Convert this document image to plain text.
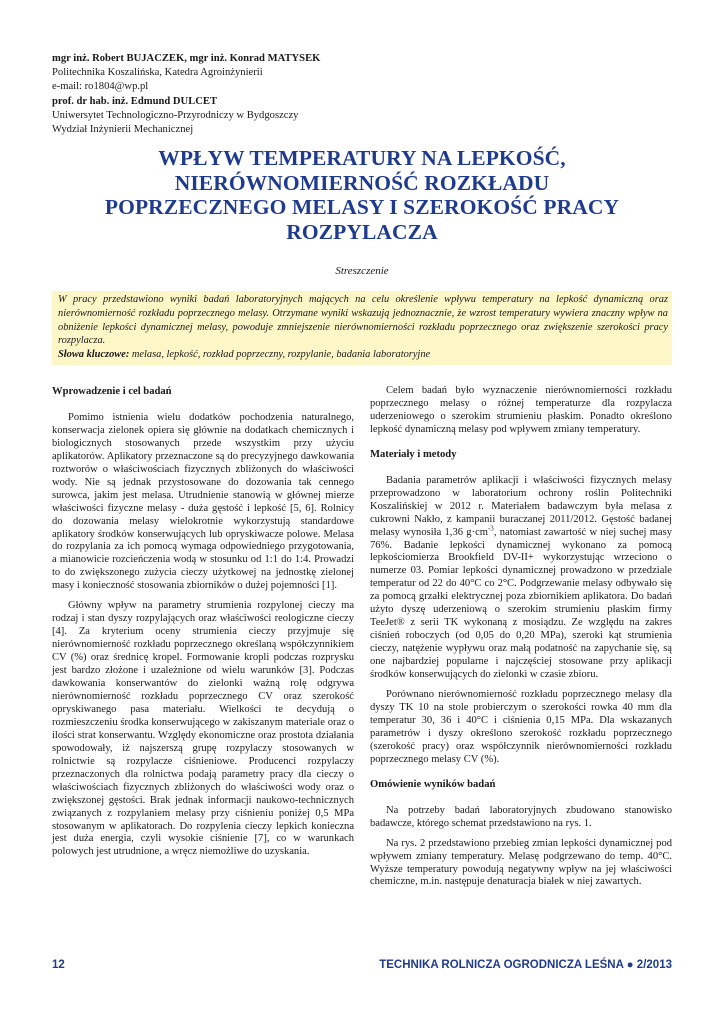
mgr inż. Robert BUJACZEK, mgr inż. Konrad MATYSEK
Politechnika Koszalińska, Katedra Agroinżynierii
e-mail: ro1804@wp.pl
prof. dr hab. inż. Edmund DULCET
Uniwersytet Technologiczno-Przyrodniczy w Bydgoszczy
Wydział Inżynierii Mechanicznej
WPŁYW TEMPERATURY NA LEPKOŚĆ,
NIERÓWNOMIERNOŚĆ ROZKŁADU
POPRZECZNEGO MELASY I SZEROKOŚĆ PRACY
ROZPYLACZA
Streszczenie
W pracy przedstawiono wyniki badań laboratoryjnych mających na celu określenie wpływu temperatury na lepkość dynamiczną oraz nierównomierność rozkładu poprzecznego melasy. Otrzymane wyniki wskazują jednoznacznie, że wzrost temperatury wywiera znaczny wpływ na obniżenie lepkości dynamicznej melasy, powoduje zmniejszenie nierównomierności rozkładu poprzecznego oraz zwiększenie szerokości pracy rozpylacza.
Słowa kluczowe: melasa, lepkość, rozkład poprzeczny, rozpylanie, badania laboratoryjne
Wprowadzenie i cel badań

Pomimo istnienia wielu dodatków pochodzenia naturalnego, konserwacja zielonek opiera się głównie na dodatkach chemicznych i biologicznych stosowanych przede wszystkim przy użyciu aplikatorów. Aplikatory przeznaczone są do precyzyjnego dawkowania roztworów o właściwościach fizycznych zbliżonych do właściwości wody. Nie są jednak przystosowane do dozowania tak cennego surowca, jakim jest melasa. Utrudnienie stanowią w głównej mierze właściwości fizyczne melasy - duża gęstość i lepkość [5, 6]. Rolnicy do dozowania melasy wielokrotnie wykorzystują standardowe aplikatory środków konserwujących lub opryskiwacze polowe. Melasa do rozpylania za ich pomocą wymaga odpowiedniego przygotowania, a mianowicie rozcieńczenia wodą w stosunku od 1:1 do 1:4. Prowadzi to do zwiększonego zużycia cieczy użytkowej na jednostkę zielonej masy i konieczność stosowania zbiorników o dużej pojemności [1].

Główny wpływ na parametry strumienia rozpylonej cieczy ma rodzaj i stan dyszy rozpylających oraz właściwości reologiczne cieczy [4]. Za kryterium oceny strumienia cieczy przyjmuje się nierównomierność rozkładu poprzecznego określaną współczynnikiem CV (%) oraz średnicę kropel. Formowanie kropli podczas rozprysku jest bardzo złożone i uzależnione od wielu warunków [3]. Podczas dawkowania konserwantów do zielonki ważną rolę odgrywa nierównomierność rozkładu poprzecznego CV oraz szerokość opryskiwanego pasa materiału. Wielkości te decydują o rozmieszczeniu środka konserwującego w zakiszanym materiale oraz o ilości strat konserwantu. Względy ekonomiczne oraz prostota działania spowodowały, iż najszerszą grupę rozpylaczy stosowanych w rolnictwie są rozpylacze ciśnieniowe. Producenci rozpylaczy przeznaczonych dla rolnictwa podają parametry pracy dla cieczy o właściwościach fizycznych zbliżonych do właściwości wody oraz o zwiększonej gęstości. Brak jednak informacji naukowo-technicznych związanych z rozpylaniem melasy przy ciśnieniu poniżej 0,5 MPa stosowanym w aplikatorach. Do rozpylenia cieczy lepkich konieczna jest duża energia, czyli wysokie ciśnienie [7], co w warunkach polowych jest utrudnione, a wręcz niemożliwe do uzyskania.

Celem badań było wyznaczenie nierównomierności rozkładu poprzecznego melasy o różnej temperaturze dla rozpylacza uderzeniowego o szerokim strumieniu płaskim. Ponadto określono lepkość dynamiczną melasy pod wpływem zmiany temperatury.

Materiały i metody

Badania parametrów aplikacji i właściwości fizycznych melasy przeprowadzono w laboratorium ochrony roślin Politechniki Koszalińskiej w 2012 r. Materiałem badawczym była melasa z cukrowni Nakło, z kampanii buraczanej 2011/2012. Gęstość badanej melasy wynosiła 1,36 $g\cdot cm^{-3}$, natomiast zawartość w niej suchej masy 76%. Badanie lepkości dynamicznej wykonano za pomocą lepkościomierza Brookfield DV-II+ wykorzystując wrzeciono o numerze 03. Pomiar lepkości dynamicznej prowadzono w przedziale temperatur od 22 do 40°C co 2°C. Podgrzewanie melasy odbywało się za pomocą grzałki elektrycznej poza zbiornikiem aplikatora. Do badań użyto dyszę uderzeniową o szerokim strumieniu płaskim firmy TeeJet® z serii TK wykonaną z mosiądzu. Ze względu na zakres ciśnień roboczych (od 0,05 do 0,20 MPa), szeroki kąt strumienia cieczy, natężenie wypływu oraz małą podatność na zapychanie się, są one najbardziej popularne i najczęściej stosowane przy aplikacji środków konserwujących do zielonki w czasie zbioru.

Porównano nierównomierność rozkładu poprzecznego melasy dla dyszy TK 10 na stole probierczym o szerokości rowka 40 mm dla temperatur 30, 36 i 40°C i ciśnienia 0,15 MPa. Dla wskazanych parametrów i dyszy określono szerokość rozkładu poprzecznego (szerokość pracy) oraz współczynnik nierównomierności rozkładu poprzecznego melasy CV (%).

Omówienie wyników badań

Na potrzeby badań laboratoryjnych zbudowano stanowisko badawcze, którego schemat przedstawiono na rys. 1.

Na rys. 2 przedstawiono przebieg zmian lepkości dynamicznej pod wpływem zmiany temperatury. Melasę podgrzewano do temp. 40°C. Wyższe temperatury powodują negatywny wpływ na jej właściwości chemiczne, m.in. następuje denaturacja białek w niej zawartych.

12	TECHNIKA ROLNICZA OGRODNICZA LEŚNA ● 2/2013
